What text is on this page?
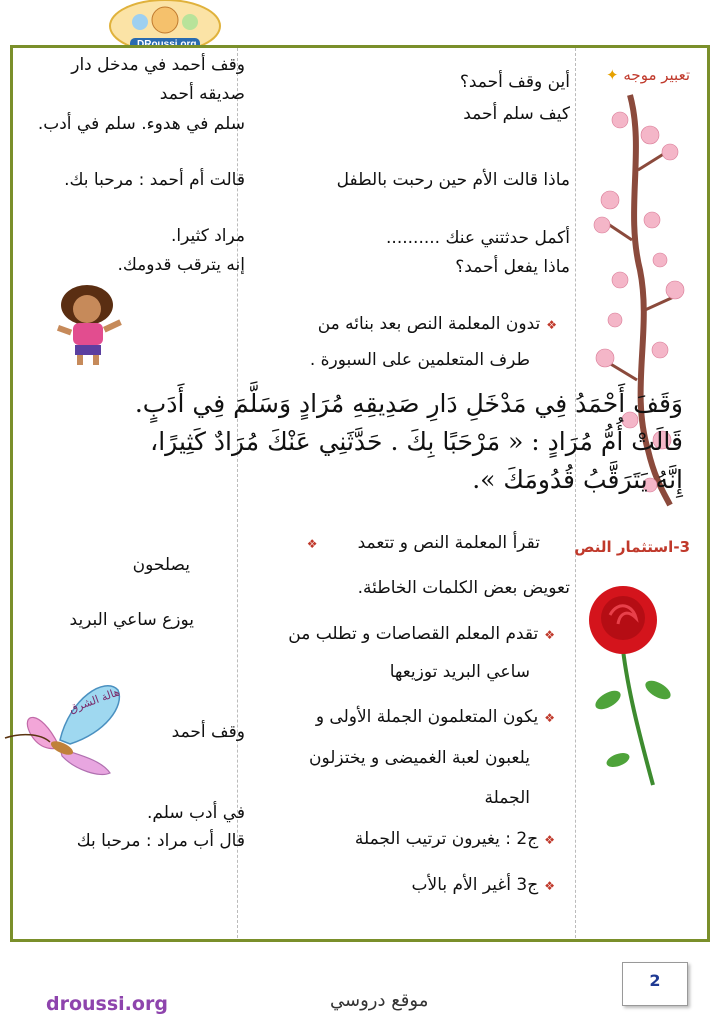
تعبير موجه ✦
3-استثمار النص
أين وقف أحمد؟
كيف سلم أحمد
ماذا قالت الأم حين رحبت بالطفل
أكمل حدثتني عنك ..........
ماذا يفعل أحمد؟
❖تدون المعلمة النص بعد بنائه من
طرف المتعلمين على السبورة .
وقف أحمد في مدخل دار
صديقه أحمد
سلم في هدوء. سلم في أدب.
قالت أم أحمد : مرحبا بك.
مراد كثيرا.
إنه يترقب قدومك.
وَقَفَ أَحْمَدُ فِي مَدْخَلِ دَارِ صَدِيقِهِ مُرَادٍ وَسَلَّمَ فِي أَدَبٍ.
قَالَتْ أُمُّ مُرَادٍ : « مَرْحَبًا بِكَ . حَدَّثَنِي عَنْكَ مُرَادٌ كَثِيرًا،
إِنَّهُ يَتَرَقَّبُ قُدُومَكَ ».
تقرأ المعلمة النص و تتعمد❖
تعويض بعض الكلمات الخاطئة.
❖تقدم المعلم القصاصات و تطلب من
ساعي البريد توزيعها
❖يكون المتعلمون الجملة الأولى و
يلعبون لعبة الغميضى و يختزلون
الجملة
❖ج2 : يغيرون ترتيب الجملة
❖ج3 أغير الأم بالأب
يصلحون
يوزع ساعي البريد
هالة الشرق
وقف أحمد
في أدب سلم.
قال أب مراد : مرحبا بك
droussi.org	موقع دروسي
2
